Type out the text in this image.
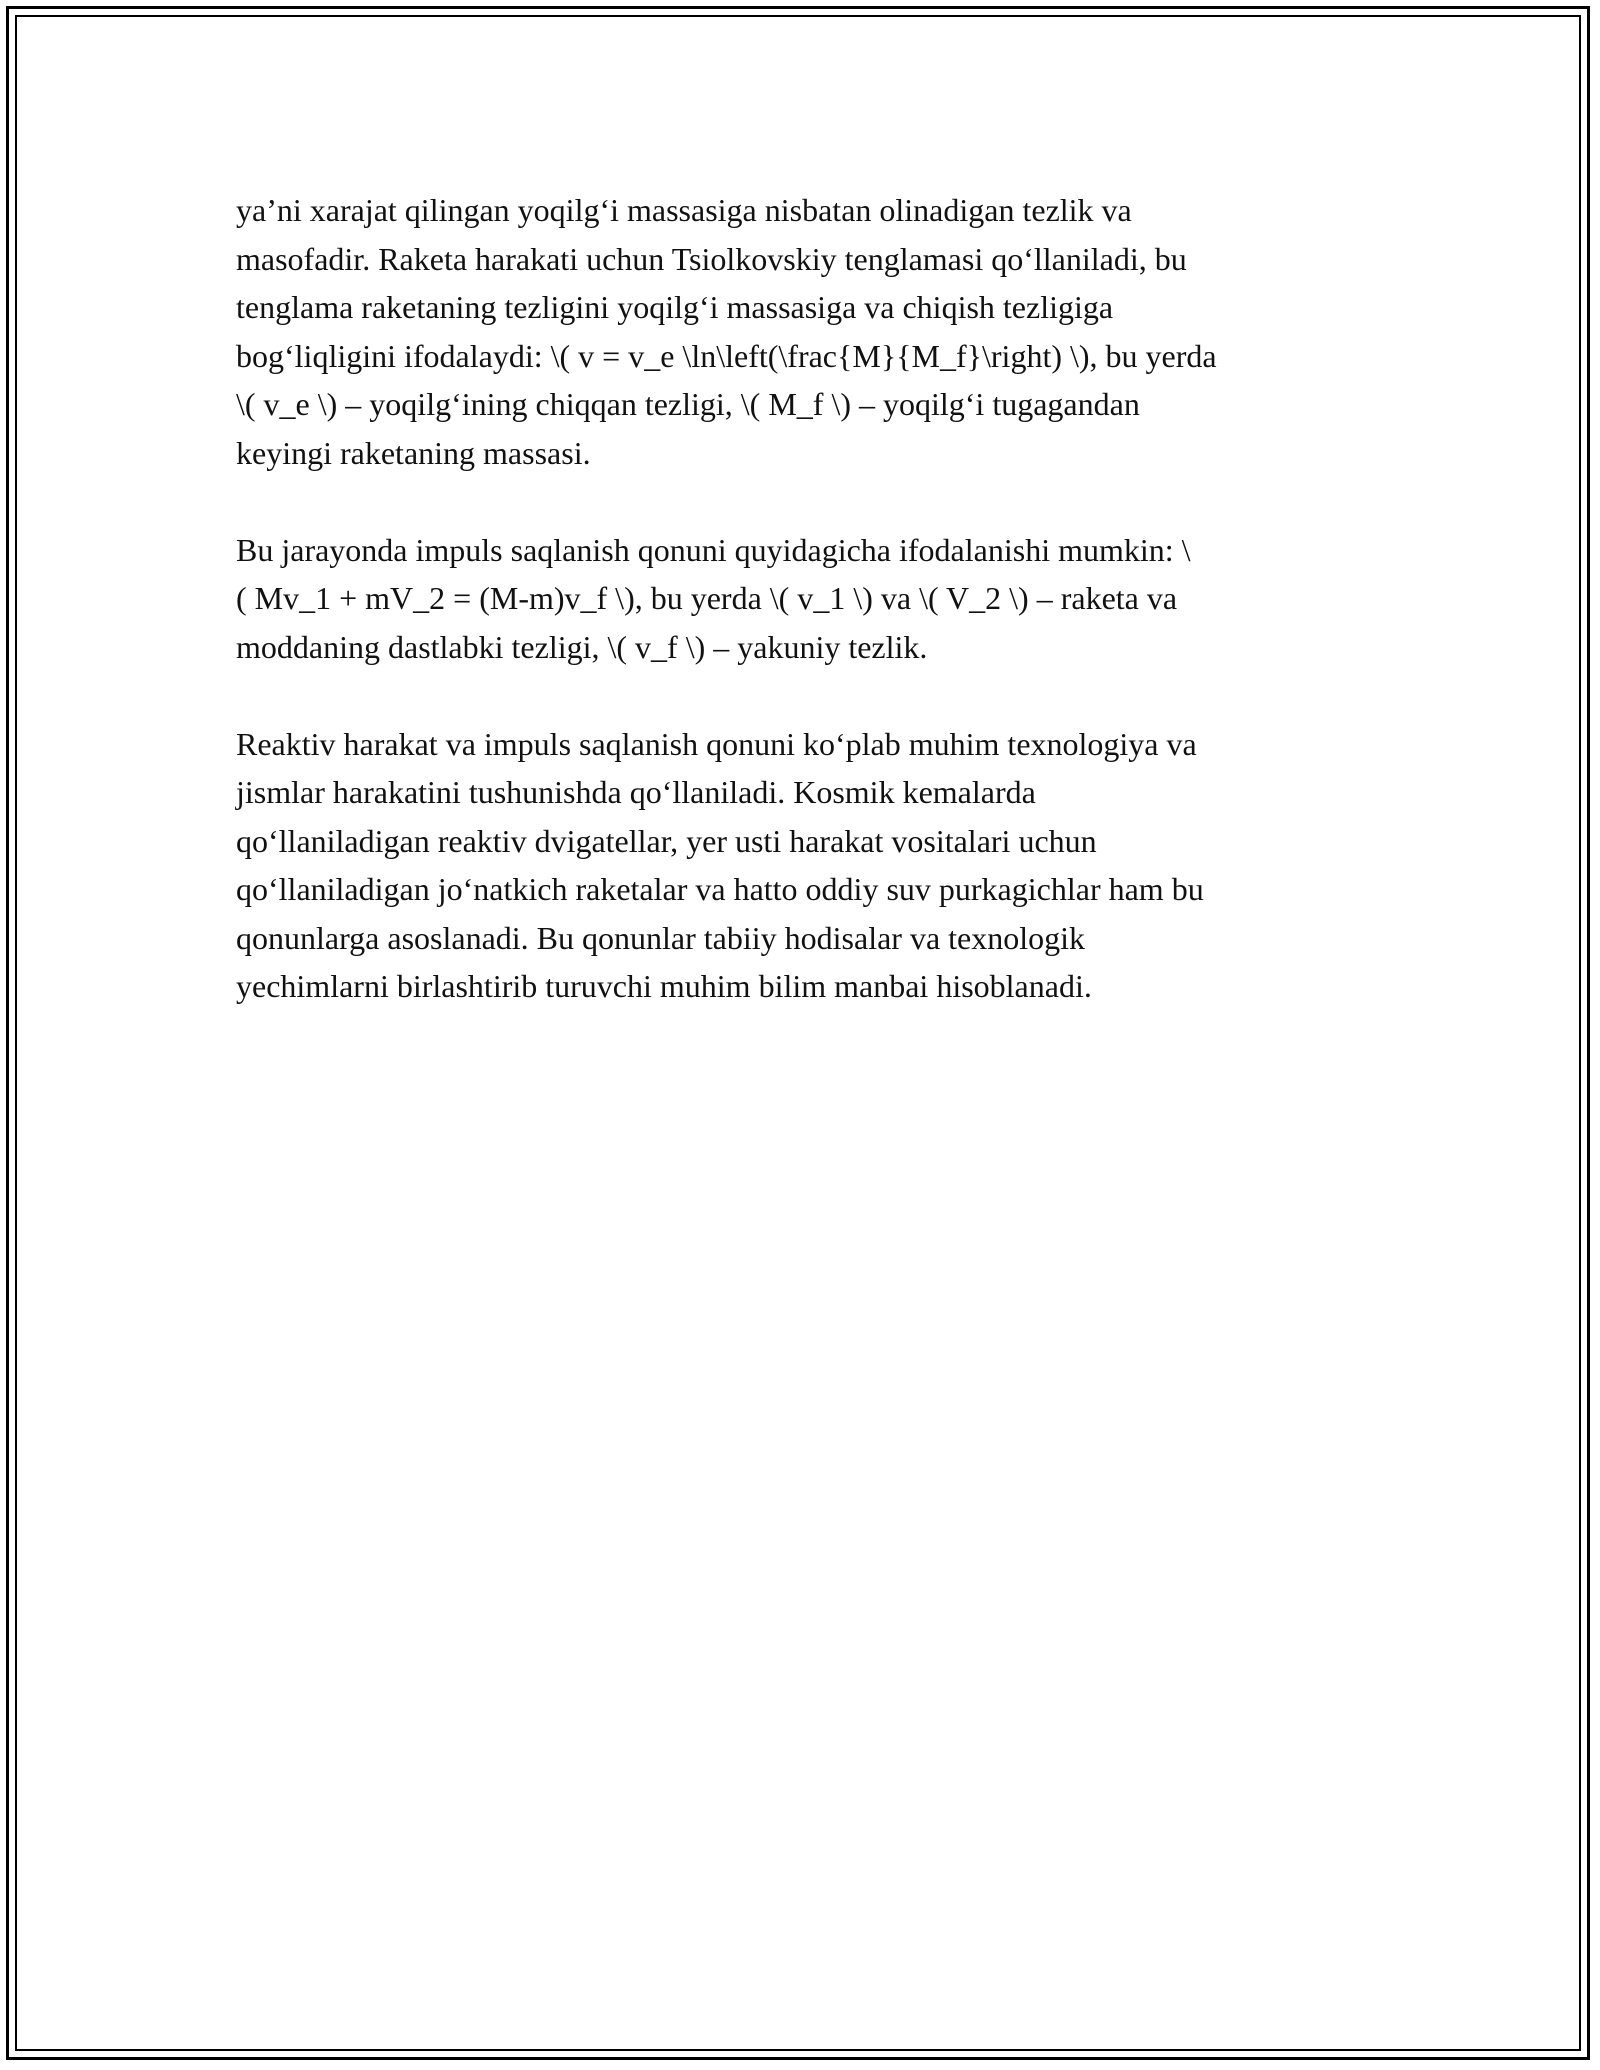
ya’ni xarajat qilingan yoqilg‘i massasiga nisbatan olinadigan tezlik va
masofadir. Raketa harakati uchun Tsiolkovskiy tenglamasi qo‘llaniladi, bu
tenglama raketaning tezligini yoqilg‘i massasiga va chiqish tezligiga
bog‘liqligini ifodalaydi: \( v = v_e \ln\left(\frac{M}{M_f}\right) \), bu yerda
\( v_e \) – yoqilg‘ining chiqqan tezligi, \( M_f \) – yoqilg‘i tugagandan
keyingi raketaning massasi.

Bu jarayonda impuls saqlanish qonuni quyidagicha ifodalanishi mumkin: \
( Mv_1 + mV_2 = (M-m)v_f \), bu yerda \( v_1 \) va \( V_2 \) – raketa va
moddaning dastlabki tezligi, \( v_f \) – yakuniy tezlik.

Reaktiv harakat va impuls saqlanish qonuni ko‘plab muhim texnologiya va
jismlar harakatini tushunishda qo‘llaniladi. Kosmik kemalarda
qo‘llaniladigan reaktiv dvigatellar, yer usti harakat vositalari uchun
qo‘llaniladigan jo‘natkich raketalar va hatto oddiy suv purkagichlar ham bu
qonunlarga asoslanadi. Bu qonunlar tabiiy hodisalar va texnologik
yechimlarni birlashtirib turuvchi muhim bilim manbai hisoblanadi.
